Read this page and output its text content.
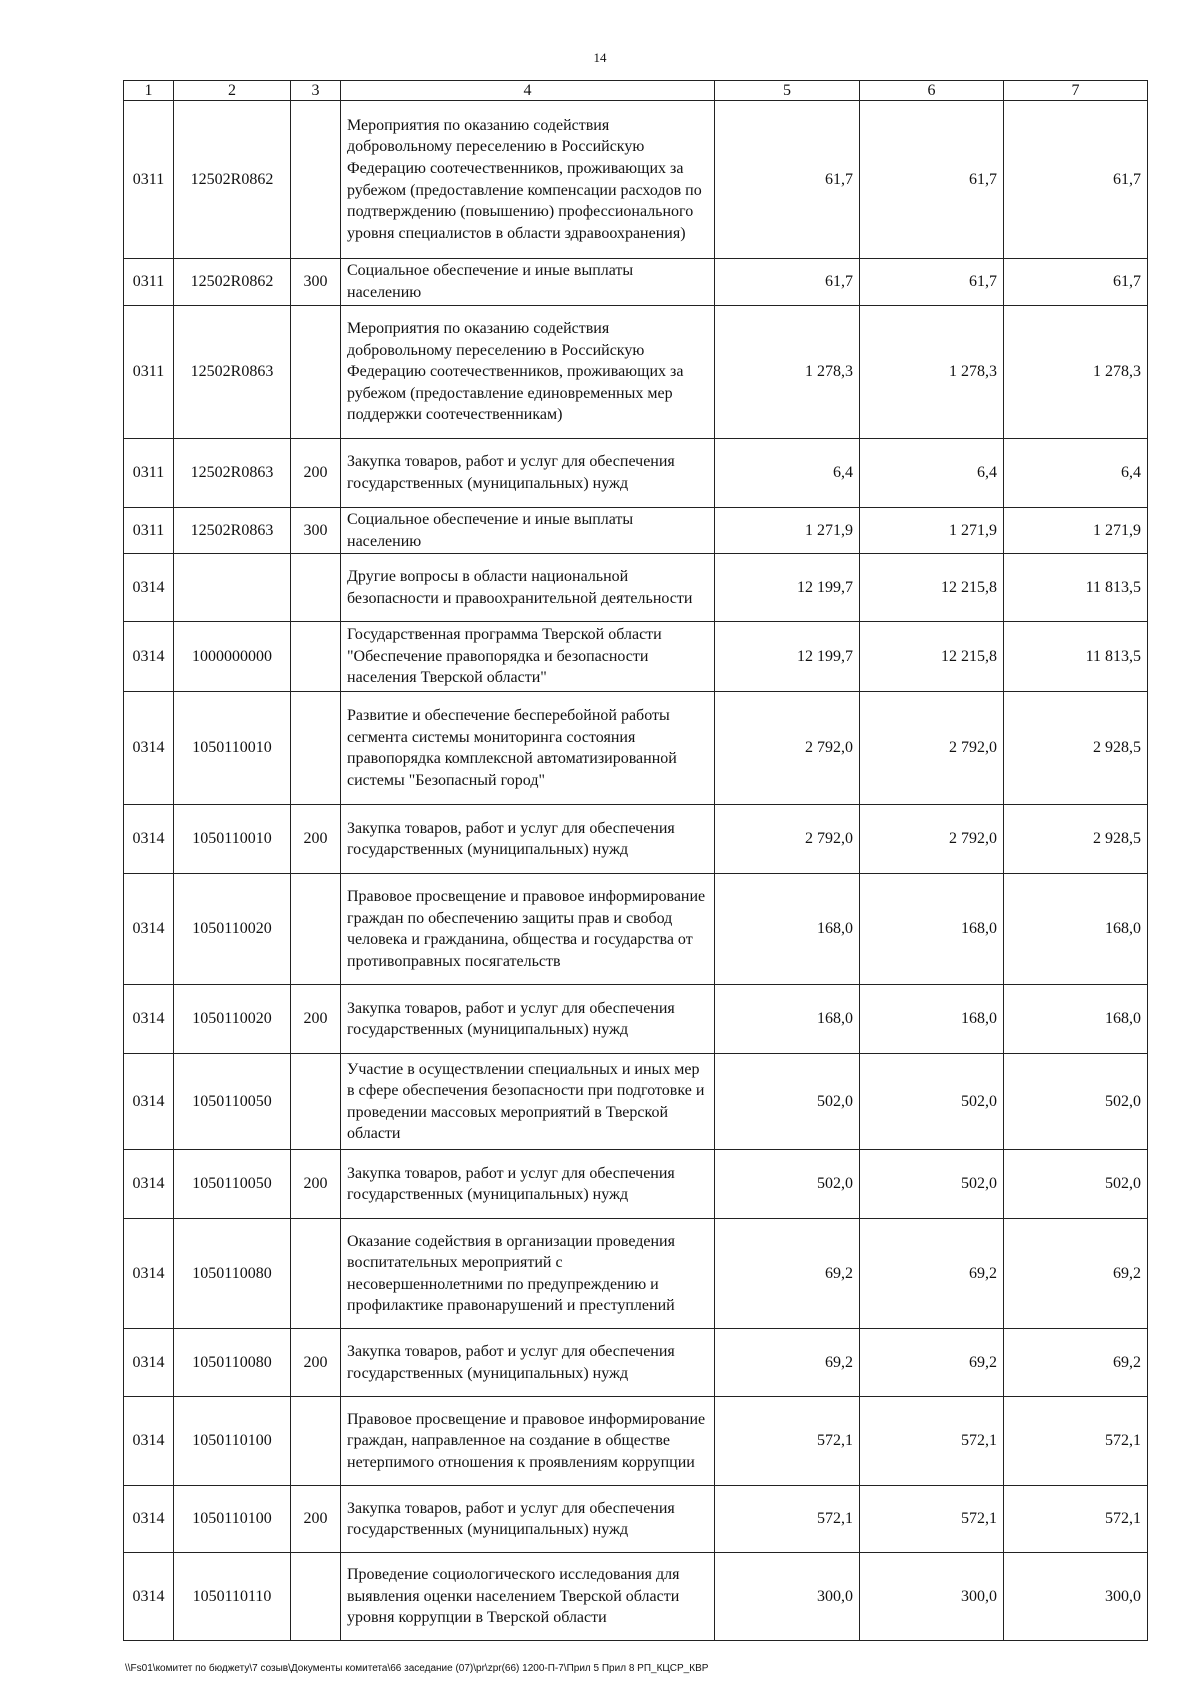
14
1	2	3	4	5	6	7
0311	12502R0862		Мероприятия по оказанию содействия добровольному переселению в Российскую Федерацию соотечественников, проживающих за рубежом (предоставление компенсации расходов по подтверждению (повышению) профессионального уровня специалистов в области здравоохранения)	61,7	61,7	61,7
0311	12502R0862	300	Социальное обеспечение и иные выплаты населению	61,7	61,7	61,7
0311	12502R0863		Мероприятия по оказанию содействия добровольному переселению в Российскую Федерацию соотечественников, проживающих за рубежом (предоставление единовременных мер поддержки соотечественникам)	1 278,3	1 278,3	1 278,3
0311	12502R0863	200	Закупка товаров, работ и услуг для обеспечения государственных (муниципальных) нужд	6,4	6,4	6,4
0311	12502R0863	300	Социальное обеспечение и иные выплаты населению	1 271,9	1 271,9	1 271,9
0314			Другие вопросы в области национальной безопасности и правоохранительной деятельности	12 199,7	12 215,8	11 813,5
0314	1000000000		Государственная программа Тверской области "Обеспечение правопорядка и безопасности населения Тверской области"	12 199,7	12 215,8	11 813,5
0314	1050110010		Развитие и обеспечение бесперебойной работы сегмента системы мониторинга состояния правопорядка комплексной автоматизированной системы "Безопасный город"	2 792,0	2 792,0	2 928,5
0314	1050110010	200	Закупка товаров, работ и услуг для обеспечения государственных (муниципальных) нужд	2 792,0	2 792,0	2 928,5
0314	1050110020		Правовое просвещение и правовое информирование граждан по обеспечению защиты прав и свобод человека и гражданина, общества и государства от противоправных посягательств	168,0	168,0	168,0
0314	1050110020	200	Закупка товаров, работ и услуг для обеспечения государственных (муниципальных) нужд	168,0	168,0	168,0
0314	1050110050		Участие в осуществлении специальных и иных мер в сфере обеспечения безопасности при подготовке и проведении массовых мероприятий в Тверской области	502,0	502,0	502,0
0314	1050110050	200	Закупка товаров, работ и услуг для обеспечения государственных (муниципальных) нужд	502,0	502,0	502,0
0314	1050110080		Оказание содействия в организации проведения воспитательных мероприятий с несовершеннолетними по предупреждению и профилактике правонарушений и преступлений	69,2	69,2	69,2
0314	1050110080	200	Закупка товаров, работ и услуг для обеспечения государственных (муниципальных) нужд	69,2	69,2	69,2
0314	1050110100		Правовое просвещение и правовое информирование граждан, направленное на создание в обществе нетерпимого отношения к проявлениям коррупции	572,1	572,1	572,1
0314	1050110100	200	Закупка товаров, работ и услуг для обеспечения государственных (муниципальных) нужд	572,1	572,1	572,1
0314	1050110110		Проведение социологического исследования для выявления оценки населением Тверской области уровня коррупции в Тверской области	300,0	300,0	300,0
\\Fs01\комитет по бюджету\7 созыв\Документы комитета\66 заседание (07)\pr\zpr(66) 1200-П-7\Прил 5 Прил 8 РП_КЦСР_КВР
